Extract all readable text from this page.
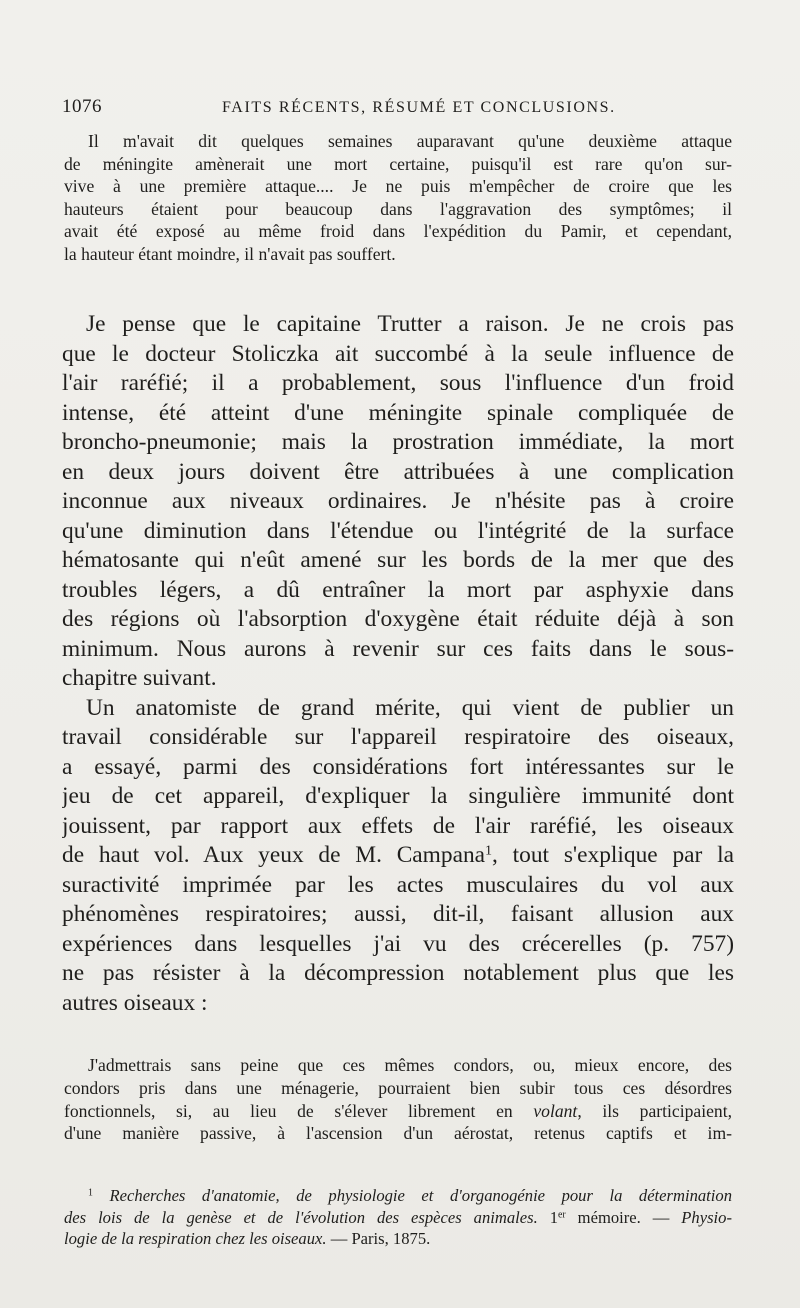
1076	FAITS RÉCENTS, RÉSUMÉ ET CONCLUSIONS.
Il m'avait dit quelques semaines auparavant qu'une deuxième attaque
de méningite amènerait une mort certaine, puisqu'il est rare qu'on sur-
vive à une première attaque.... Je ne puis m'empêcher de croire que les
hauteurs étaient pour beaucoup dans l'aggravation des symptômes; il
avait été exposé au même froid dans l'expédition du Pamir, et cependant,
la hauteur étant moindre, il n'avait pas souffert.

Je pense que le capitaine Trutter a raison. Je ne crois pas
que le docteur Stoliczka ait succombé à la seule influence de
l'air raréfié; il a probablement, sous l'influence d'un froid
intense, été atteint d'une méningite spinale compliquée de
broncho-pneumonie; mais la prostration immédiate, la mort
en deux jours doivent être attribuées à une complication
inconnue aux niveaux ordinaires. Je n'hésite pas à croire
qu'une diminution dans l'étendue ou l'intégrité de la surface
hématosante qui n'eût amené sur les bords de la mer que des
troubles légers, a dû entraîner la mort par asphyxie dans
des régions où l'absorption d'oxygène était réduite déjà à son
minimum. Nous aurons à revenir sur ces faits dans le sous-
chapitre suivant.

Un anatomiste de grand mérite, qui vient de publier un
travail considérable sur l'appareil respiratoire des oiseaux,
a essayé, parmi des considérations fort intéressantes sur le
jeu de cet appareil, d'expliquer la singulière immunité dont
jouissent, par rapport aux effets de l'air raréfié, les oiseaux
de haut vol. Aux yeux de M. Campana$^1$, tout s'explique par la
suractivité imprimée par les actes musculaires du vol aux
phénomènes respiratoires; aussi, dit-il, faisant allusion aux
expériences dans lesquelles j'ai vu des crécerelles (p. 757)
ne pas résister à la décompression notablement plus que les
autres oiseaux :

J'admettrais sans peine que ces mêmes condors, ou, mieux encore, des
condors pris dans une ménagerie, pourraient bien subir tous ces désordres
fonctionnels, si, au lieu de s'élever librement en volant, ils participaient,
d'une manière passive, à l'ascension d'un aérostat, retenus captifs et im-
$^1$ Recherches d'anatomie, de physiologie et d'organogénie pour la détermination
des lois de la genèse et de l'évolution des espèces animales. 1er mémoire. — Physio-
logie de la respiration chez les oiseaux. — Paris, 1875.
